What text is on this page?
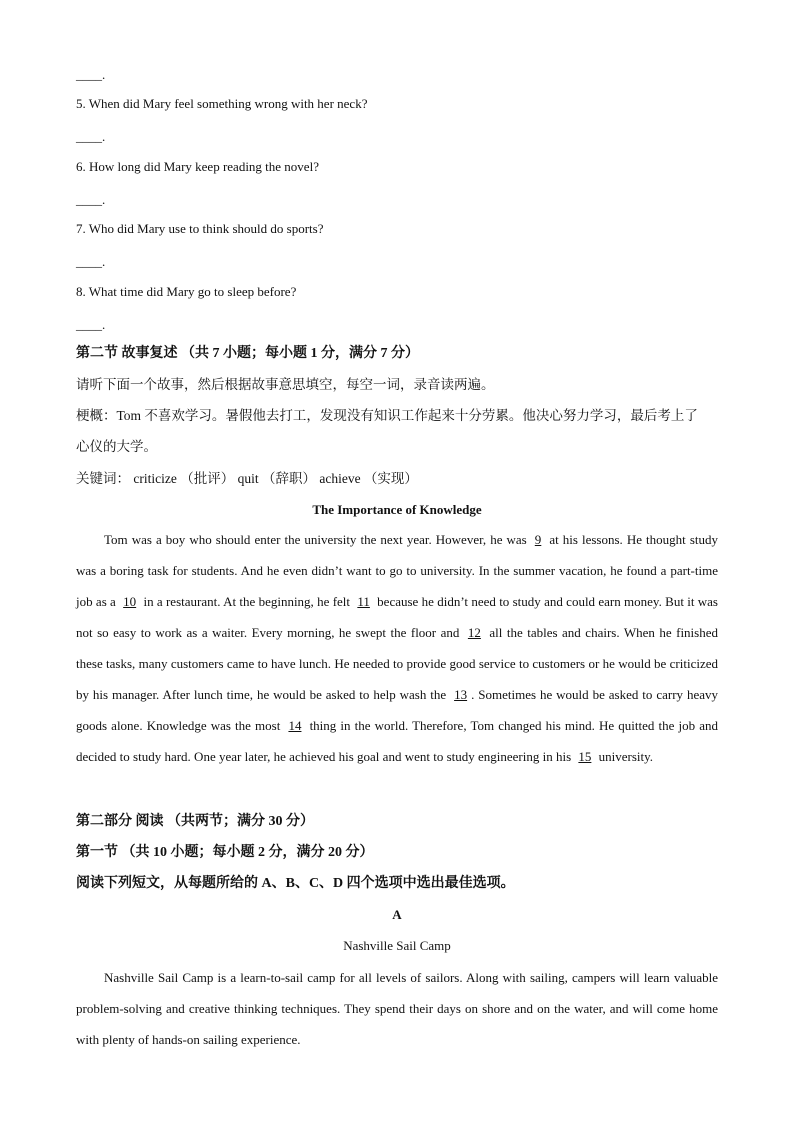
____.
5. When did Mary feel something wrong with her neck?
____.
6. How long did Mary keep reading the novel?
____.
7. Who did Mary use to think should do sports?
____.
8. What time did Mary go to sleep before?
____.
第二节 故事复述 （共 7 小题；每小题 1 分，满分 7 分）
请听下面一个故事，然后根据故事意思填空，每空一词，录音读两遍。
梗概：Tom 不喜欢学习。暑假他去打工，发现没有知识工作起来十分劳累。他决心努力学习，最后考上了
心仪的大学。
关键词： criticize （批评） quit （辞职） achieve （实现）
The Importance of Knowledge
Tom was a boy who should enter the university the next year. However, he was 9 at his lessons. He thought study was a boring task for students. And he even didn’t want to go to university. In the summer vacation, he found a part-time job as a 10 in a restaurant. At the beginning, he felt 11 because he didn’t need to study and could earn money. But it was not so easy to work as a waiter. Every morning, he swept the floor and 12 all the tables and chairs. When he finished these tasks, many customers came to have lunch. He needed to provide good service to customers or he would be criticized by his manager. After lunch time, he would be asked to help wash the 13. Sometimes he would be asked to carry heavy goods alone. Knowledge was the most 14 thing in the world. Therefore, Tom changed his mind. He quitted the job and decided to study hard. One year later, he achieved his goal and went to study engineering in his 15 university.
第二部分 阅读 （共两节；满分 30 分）
第一节 （共 10 小题；每小题 2 分，满分 20 分）
阅读下列短文，从每题所给的 A、B、C、D 四个选项中选出最佳选项。
A
Nashville Sail Camp
Nashville Sail Camp is a learn-to-sail camp for all levels of sailors. Along with sailing, campers will learn valuable problem-solving and creative thinking techniques. They spend their days on shore and on the water, and will come home with plenty of hands-on sailing experience.
